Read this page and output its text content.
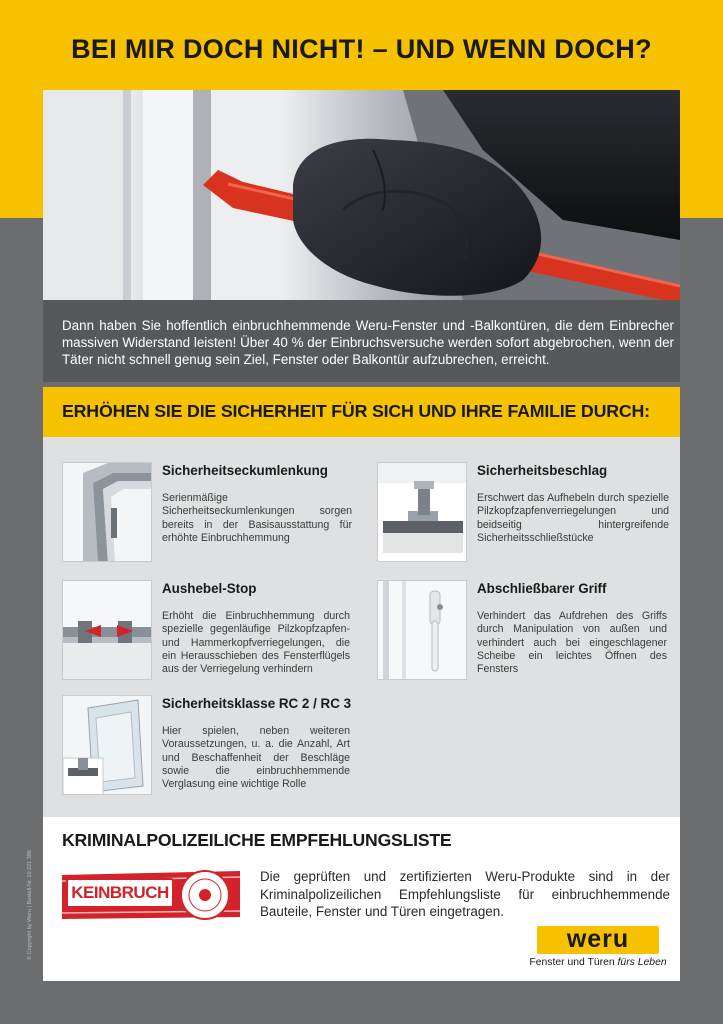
BEI MIR DOCH NICHT! – UND WENN DOCH?

Dann haben Sie hoffentlich einbruchhemmende Weru-Fenster und -Balkontüren, die dem Einbrecher massiven Widerstand leisten! Über 40 % der Einbruchsversuche werden sofort abgebrochen, wenn der Täter nicht schnell genug sein Ziel, Fenster oder Balkontür aufzubrechen, erreicht.

ERHÖHEN SIE DIE SICHERHEIT FÜR SICH UND IHRE FAMILIE DURCH:
Sicherheitseckumlenkung

Serienmäßige Sicherheitseckumlenkungen sorgen bereits in der Basisausstattung für erhöhte Einbruchhemmung

Sicherheitsbeschlag

Erschwert das Aufhebeln durch spezielle Pilzkopfzapfenverriegelungen und beidseitig hintergreifende Sicherheitsschließstücke

Aushebel-Stop

Erhöht die Einbruchhemmung durch spezielle gegenläufige Pilzkopfzapfen- und Hammerkopfverriegelungen, die ein Herausschieben des Fensterflügels aus der Verriegelung verhindern

Abschließbarer Griff

Verhindert das Aufdrehen des Griffs durch Manipulation von außen und verhindert auch bei eingeschlagener Scheibe ein leichtes Öffnen des Fensters

Sicherheitsklasse RC 2 / RC 3

Hier spielen, neben weiteren Voraussetzungen, u. a. die Anzahl, Art und Beschaffenheit der Beschläge sowie die einbruchhemmende Verglasung eine wichtige Rolle

KRIMINALPOLIZEILICHE EMPFEHLUNGSLISTE
KEINBRUCH

Die geprüften und zertifizierten Weru-Produkte sind in der Kriminalpolizeilichen Empfehlungsliste für einbruchhemmende Bauteile, Fenster und Türen eingetragen.

weru
Fenster und Türen fürs Leben
© Copyright by Weru | Bestell-Nr. 10 221 386
